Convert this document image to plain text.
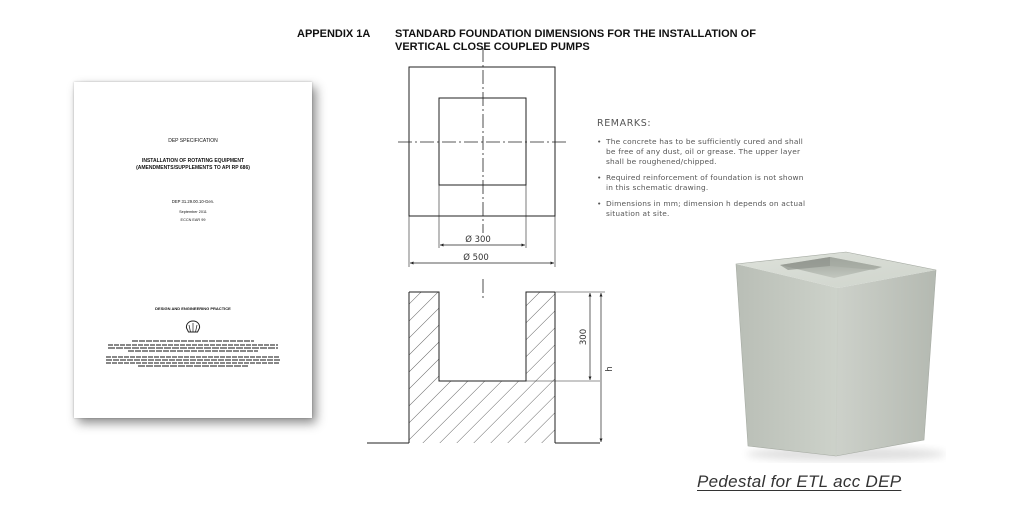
APPENDIX 1A STANDARD FOUNDATION DIMENSIONS FOR THE INSTALLATION OF
VERTICAL CLOSE COUPLED PUMPS
DEP SPECIFICATION
INSTALLATION OF ROTATING EQUIPMENT
(AMENDMENTS/SUPPLEMENTS TO API RP 686)
DEP 31.29.00.10-Gen.
September 2011
ECCN EAR 99
DESIGN AND ENGINEERING PRACTICE
Ø 300
Ø 500
300
h
REMARKS:
• The concrete has to be sufficiently cured and shall be free of any dust, oil or grease. The upper layer shall be roughened/chipped.
• Required reinforcement of foundation is not shown in this schematic drawing.
• Dimensions in mm; dimension h depends on actual situation at site.
Pedestal for ETL acc DEP
